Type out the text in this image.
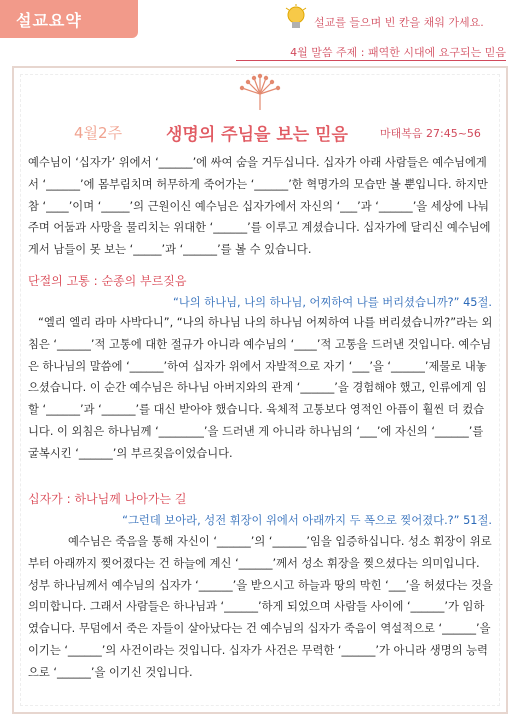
설교요약	설교를 들으며 빈 칸을 채워 가세요.
4월 말씀 주제 : 패역한 시대에 요구되는 믿음
4월2주	생명의 주님을 보는 믿음	마태복음 27:45~56

예수님이 ‘십자가’ 위에서 ‘______’에 싸여 숨을 거두십니다. 십자가 아래 사람들은 예수님에게서 ‘______’에 몸부림치며 허무하게 죽어가는 ‘______’한 혁명가의 모습만 볼 뿐입니다. 하지만 참 ‘____’이며 ‘_____’의 근원이신 예수님은 십자가에서 자신의 ‘___’과 ‘______’을 세상에 나눠주며 어둠과 사망을 물리치는 위대한 ‘______’를 이루고 계셨습니다. 십자가에 달리신 예수님에게서 남들이 못 보는 ‘_____’과 ‘______’를 볼 수 있습니다.

단절의 고통 : 순종의 부르짖음
“나의 하나님, 나의 하나님, 어찌하여 나를 버리셨습니까?” 45절.

“엘리 엘리 라마 사박다니”, “나의 하나님 나의 하나님 어찌하여 나를 버리셨습니까?”라는 외침은 ‘______’적 고통에 대한 절규가 아니라 예수님의 ‘____’적 고통을 드러낸 것입니다. 예수님은 하나님의 말씀에 ‘______’하여 십자가 위에서 자발적으로 자기 ‘___’을 ‘______’제물로 내놓으셨습니다. 이 순간 예수님은 하나님 아버지와의 관계 ‘______’을 경험해야 했고, 인류에게 임할 ‘______’과 ‘______’를 대신 받아야 했습니다. 육체적 고통보다 영적인 아픔이 훨씬 더 컸습니다. 이 외침은 하나님께 ‘________’을 드러낸 게 아니라 하나님의 ‘___’에 자신의 ‘______’를 굴복시킨 ‘______’의 부르짖음이었습니다.

십자가 : 하나님께 나아가는 길
“그런데 보아라, 성전 휘장이 위에서 아래까지 두 폭으로 찢어졌다.?” 51절.

예수님은 죽음을 통해 자신이 ‘______’의 ‘______’임을 입증하십니다. 성소 휘장이 위로부터 아래까지 찢어졌다는 건 하늘에 계신 ‘______’께서 성소 휘장을 찢으셨다는 의미입니다. 성부 하나님께서 예수님의 십자가 ‘______’을 받으시고 하늘과 땅의 막힌 ‘___’을 허셨다는 것을 의미합니다. 그래서 사람들은 하나님과 ‘______’하게 되었으며 사람들 사이에 ‘______’가 임하였습니다. 무덤에서 죽은 자들이 살아났다는 건 예수님의 십자가 죽음이 역설적으로 ‘______’을 이기는 ‘______’의 사건이라는 것입니다. 십자가 사건은 무력한 ‘______’가 아니라 생명의 능력으로 ‘______’을 이기신 것입니다.
